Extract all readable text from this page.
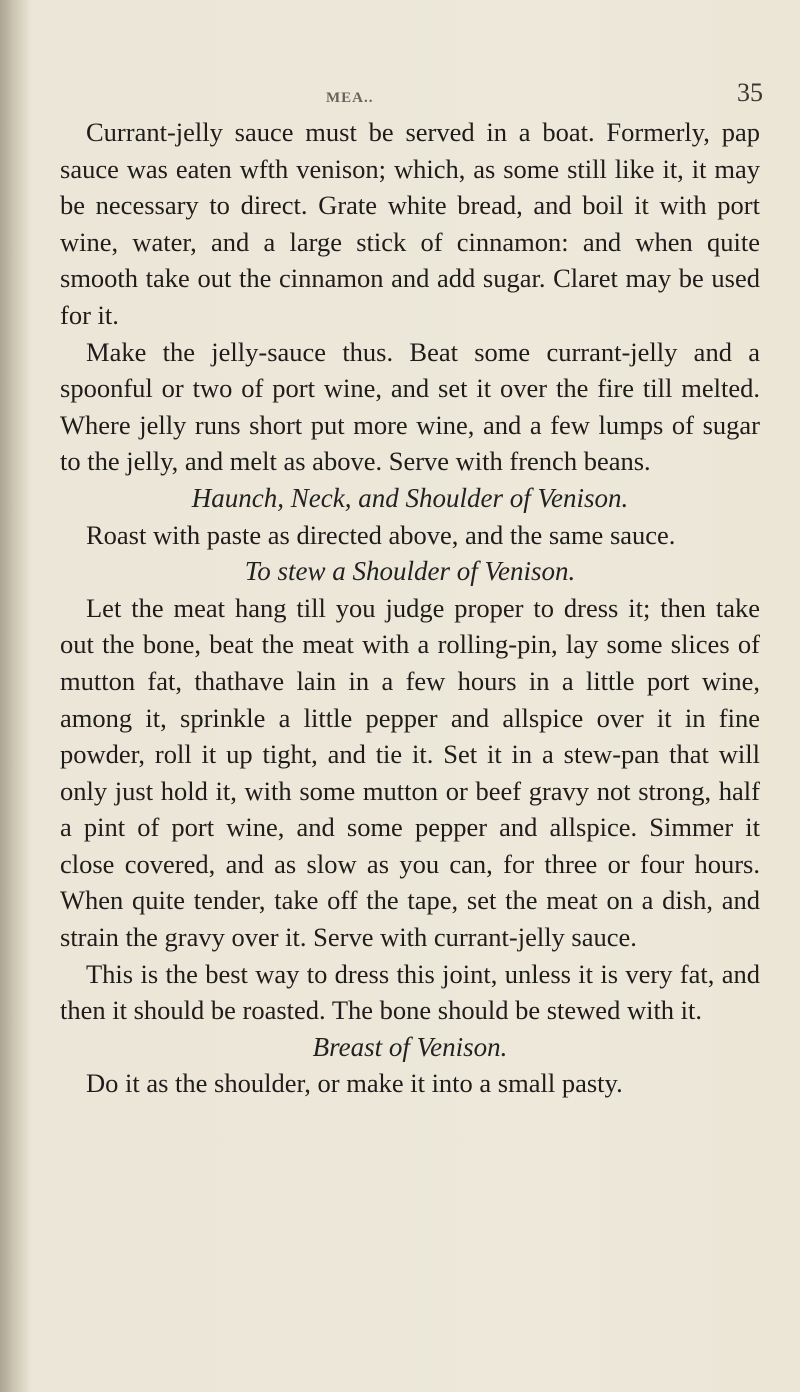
MEA..	35

Currant-jelly sauce must be served in a boat. Formerly, pap sauce was eaten wfth venison; which, as some still like it, it may be necessary to direct. Grate white bread, and boil it with port wine, water, and a large stick of cinnamon: and when quite smooth take out the cinnamon and add sugar. Claret may be used for it.

Make the jelly-sauce thus. Beat some currant-jelly and a spoonful or two of port wine, and set it over the fire till melted. Where jelly runs short put more wine, and a few lumps of sugar to the jelly, and melt as above. Serve with french beans.

Haunch, Neck, and Shoulder of Venison.

Roast with paste as directed above, and the same sauce.

To stew a Shoulder of Venison.

Let the meat hang till you judge proper to dress it; then take out the bone, beat the meat with a rolling-pin, lay some slices of mutton fat, thathave lain in a few hours in a little port wine, among it, sprinkle a little pepper and allspice over it in fine powder, roll it up tight, and tie it. Set it in a stew-pan that will only just hold it, with some mutton or beef gravy not strong, half a pint of port wine, and some pepper and allspice. Simmer it close covered, and as slow as you can, for three or four hours. When quite tender, take off the tape, set the meat on a dish, and strain the gravy over it. Serve with currant-jelly sauce.

This is the best way to dress this joint, unless it is very fat, and then it should be roasted. The bone should be stewed with it.

Breast of Venison.

Do it as the shoulder, or make it into a small pasty.
